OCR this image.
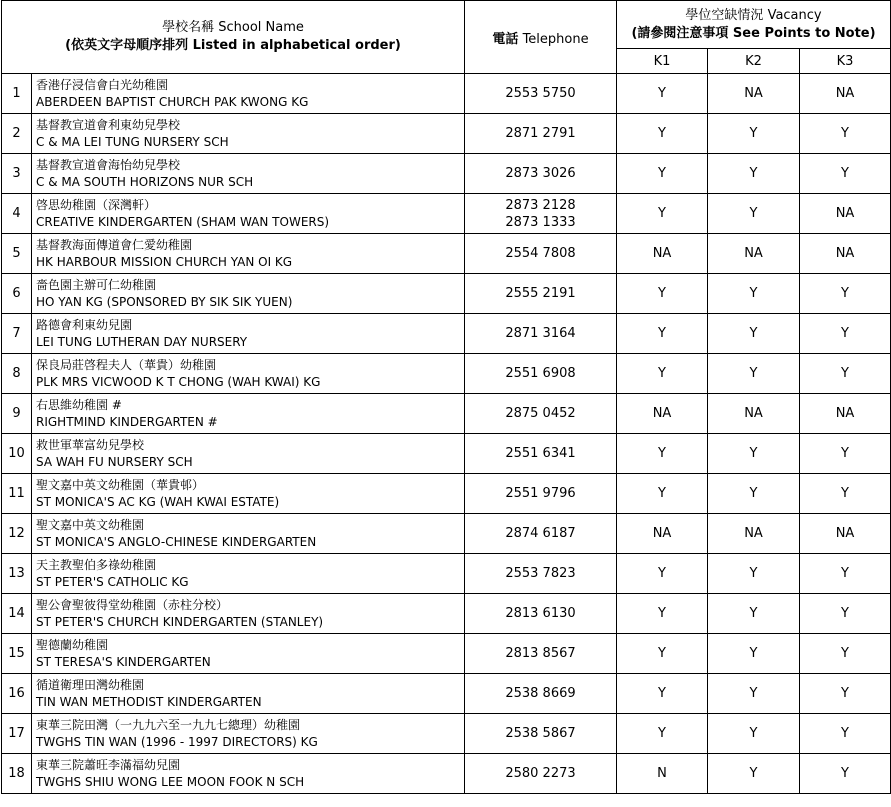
學校名稱 School Name
(依英文字母順序排列 Listed in alphabetical order)		電話 Telephone	學位空缺情況 Vacancy
(請參閱注意事項 See Points to Note)		

			K1	K2	K3
1	香港仔浸信會白光幼稚園
ABERDEEN BAPTIST CHURCH PAK KWONG KG	2553 5750	Y	NA	NA
2	基督教宣道會利東幼兒學校
C & MA LEI TUNG NURSERY SCH	2871 2791	Y	Y	Y
3	基督教宣道會海怡幼兒學校
C & MA SOUTH HORIZONS NUR SCH	2873 3026	Y	Y	Y
4	啓思幼稚園（深灣軒）
CREATIVE KINDERGARTEN (SHAM WAN TOWERS)	2873 2128
2873 1333	Y	Y	NA
5	基督教海面傳道會仁愛幼稚園
HK HARBOUR MISSION CHURCH YAN OI KG	2554 7808	NA	NA	NA
6	嗇色園主辦可仁幼稚園
HO YAN KG (SPONSORED BY SIK SIK YUEN)	2555 2191	Y	Y	Y
7	路德會利東幼兒園
LEI TUNG LUTHERAN DAY NURSERY	2871 3164	Y	Y	Y
8	保良局莊啓程夫人（華貴）幼稚園
PLK MRS VICWOOD K T CHONG (WAH KWAI) KG	2551 6908	Y	Y	Y
9	右思維幼稚園 #
RIGHTMIND KINDERGARTEN #	2875 0452	NA	NA	NA
10	救世軍華富幼兒學校
SA WAH FU NURSERY SCH	2551 6341	Y	Y	Y
11	聖文嘉中英文幼稚園（華貴邨）
ST MONICA'S AC KG (WAH KWAI ESTATE)	2551 9796	Y	Y	Y
12	聖文嘉中英文幼稚園
ST MONICA'S ANGLO-CHINESE KINDERGARTEN	2874 6187	NA	NA	NA
13	天主教聖伯多祿幼稚園
ST PETER'S CATHOLIC KG	2553 7823	Y	Y	Y
14	聖公會聖彼得堂幼稚園（赤柱分校）
ST PETER'S CHURCH KINDERGARTEN (STANLEY)	2813 6130	Y	Y	Y
15	聖德蘭幼稚園
ST TERESA'S KINDERGARTEN	2813 8567	Y	Y	Y
16	循道衛理田灣幼稚園
TIN WAN METHODIST KINDERGARTEN	2538 8669	Y	Y	Y
17	東華三院田灣（一九九六至一九九七總理）幼稚園
TWGHS TIN WAN (1996 - 1997 DIRECTORS) KG	2538 5867	Y	Y	Y
18	東華三院蕭旺李滿福幼兒園
TWGHS SHIU WONG LEE MOON FOOK N SCH	2580 2273	N	Y	Y
